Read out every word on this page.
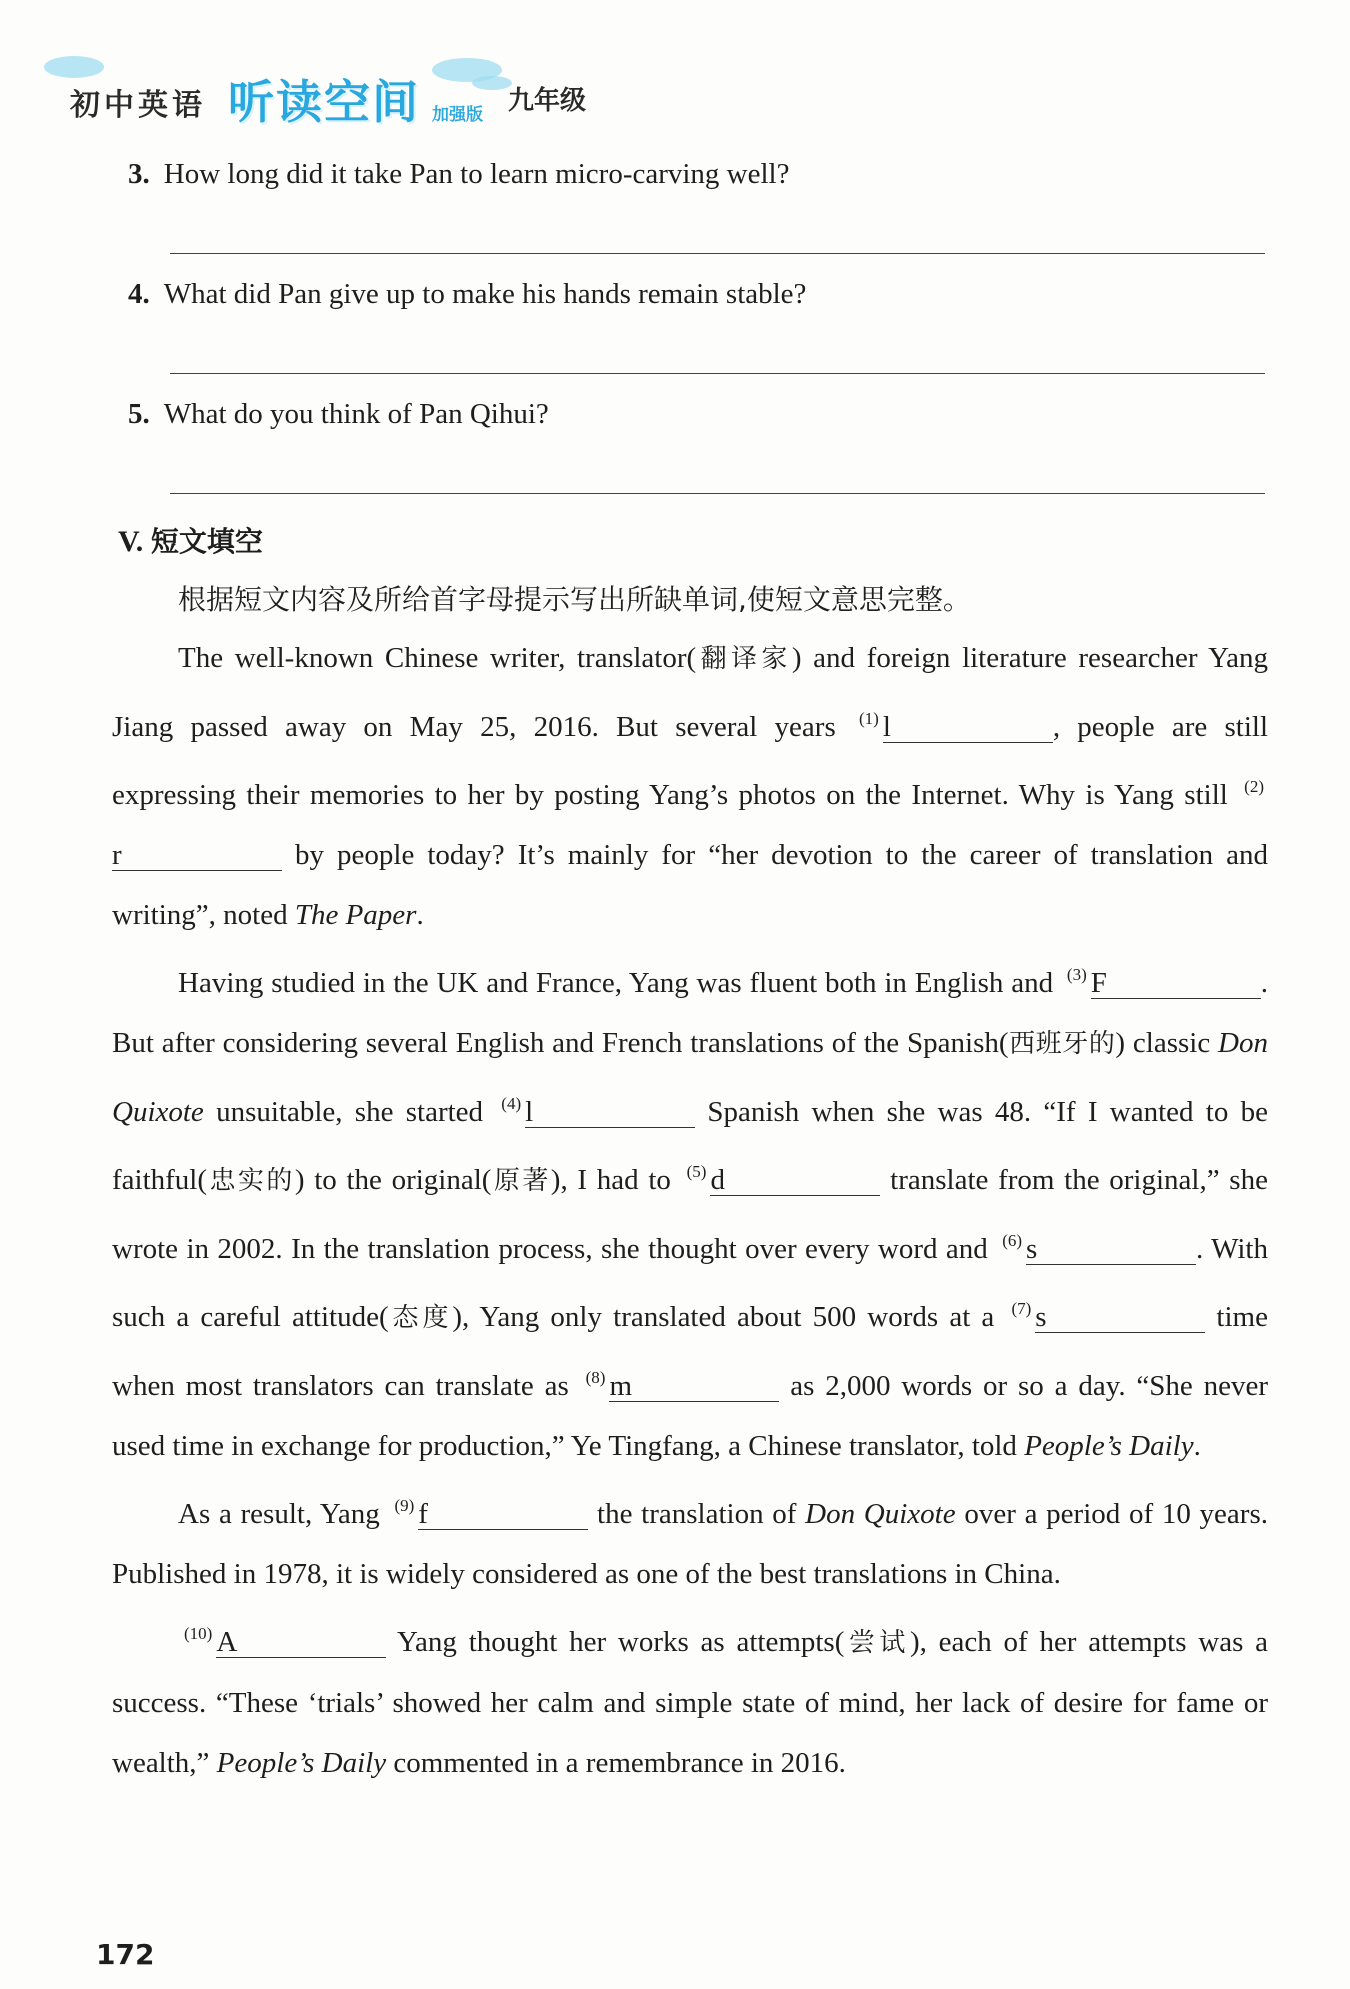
初中英语 听读空间 加强版 九年级
3. How long did it take Pan to learn micro-carving well?
4. What did Pan give up to make his hands remain stable?
5. What do you think of Pan Qihui?
V. 短文填空
根据短文内容及所给首字母提示写出所缺单词,使短文意思完整。

The well-known Chinese writer, translator(翻译家) and foreign literature researcher Yang Jiang passed away on May 25, 2016. But several years $^{(1)}$ l	, people are still expressing their memories to her by posting Yang’s photos on the Internet. Why is Yang still $^{(2)}$r	by people today? It’s mainly for “her devotion to the career of translation and writing”, noted The Paper.

Having studied in the UK and France, Yang was fluent both in English and $^{(3)}$ F	. But after considering several English and French translations of the Spanish(西班牙的) classic Don Quixote unsuitable, she started $^{(4)}$ l	Spanish when she was 48. “If I wanted to be faithful(忠实的) to the original(原著), I had to $^{(5)}$ d	translate from the original,” she wrote in 2002. In the translation process, she thought over every word and $^{(6)}$ s	. With such a careful attitude(态度), Yang only translated about 500 words at a $^{(7)}$ s	time when most translators can translate as $^{(8)}$ m	as 2,000 words or so a day. “She never used time in exchange for production,” Ye Tingfang, a Chinese translator, told People’s Daily.

As a result, Yang $^{(9)}$ f	the translation of Don Quixote over a period of 10 years. Published in 1978, it is widely considered as one of the best translations in China.

$^{(10)}$ A	Yang thought her works as attempts(尝试), each of her attempts was a success. “These ‘trials’ showed her calm and simple state of mind, her lack of desire for fame or wealth,” People’s Daily commented in a remembrance in 2016.

172
